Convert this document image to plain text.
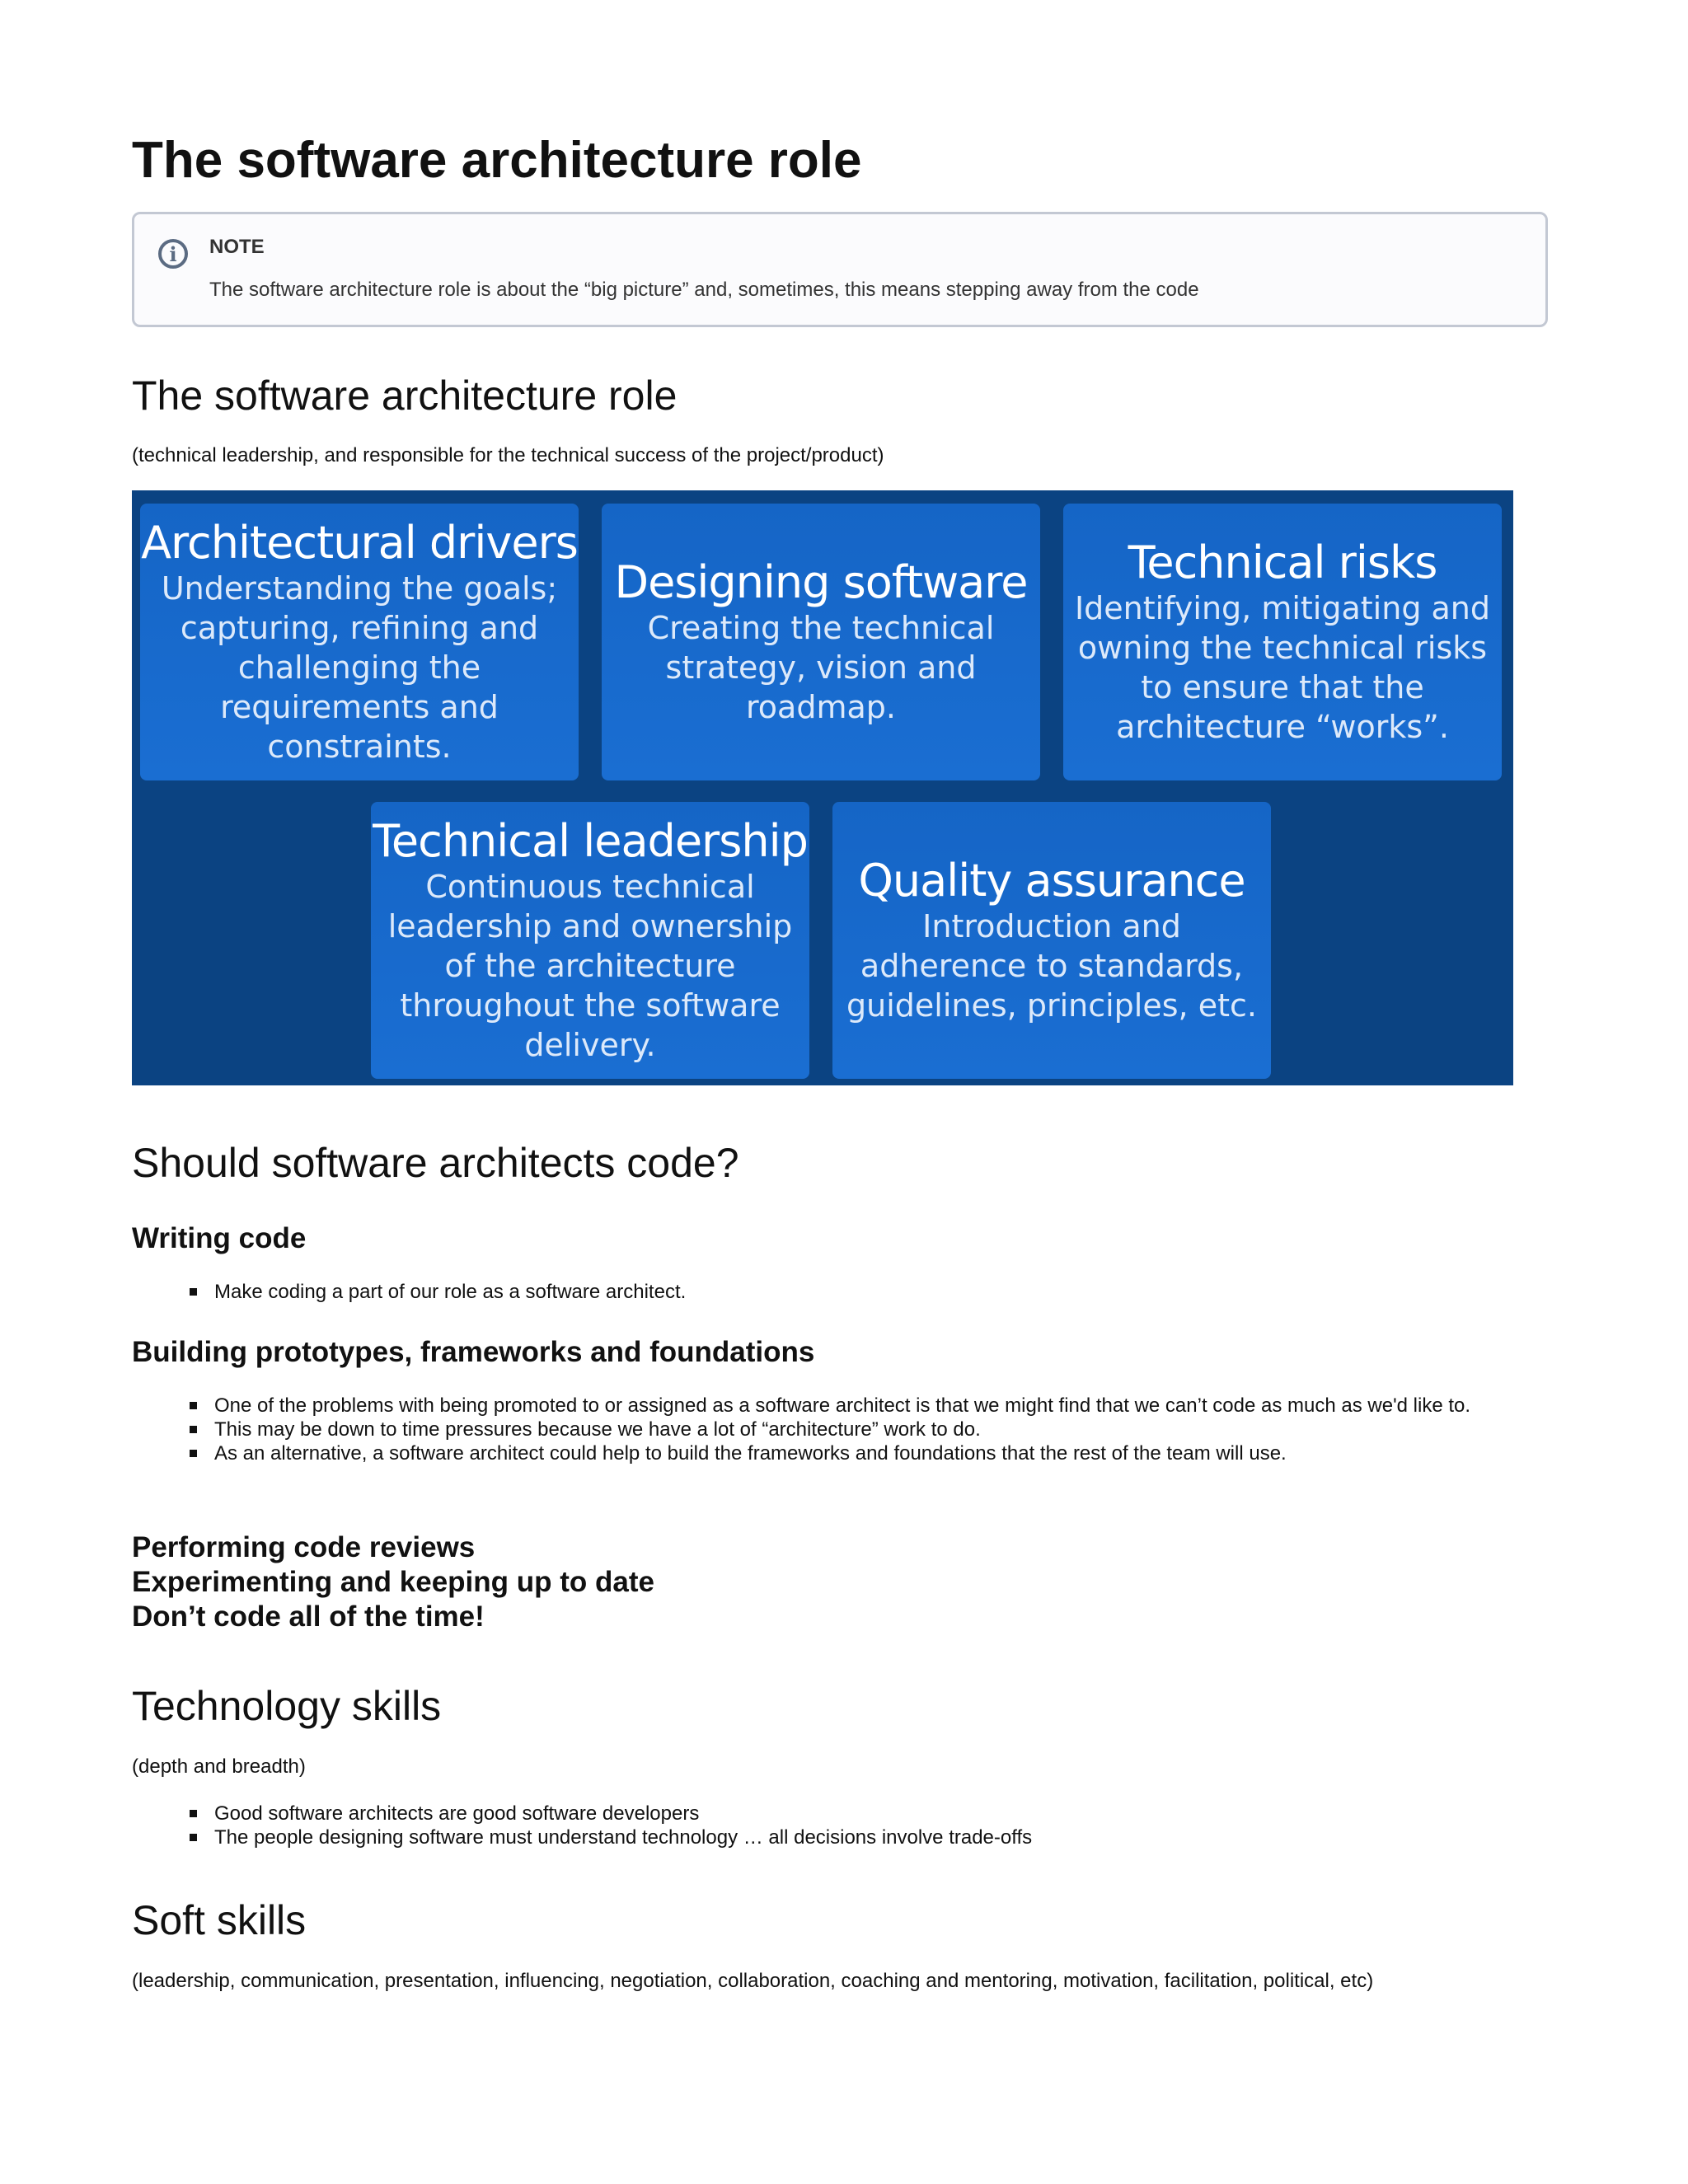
The software architecture role
i	NOTE
The software architecture role is about the “big picture” and, sometimes, this means stepping away from the code
The software architecture role
(technical leadership, and responsible for the technical success of the project/product)
Architectural drivers
Understanding the goals; capturing, refining and challenging the requirements and constraints.
Designing software
Creating the technical strategy, vision and roadmap.
Technical risks
Identifying, mitigating and owning the technical risks to ensure that the architecture “works”.
Technical leadership
Continuous technical leadership and ownership of the architecture throughout the software delivery.
Quality assurance
Introduction and adherence to standards, guidelines, principles, etc.
Should software architects code?
Writing code
Make coding a part of our role as a software architect.
Building prototypes, frameworks and foundations
One of the problems with being promoted to or assigned as a software architect is that we might find that we can’t code as much as we'd like to.
This may be down to time pressures because we have a lot of “architecture” work to do.
As an alternative, a software architect could help to build the frameworks and foundations that the rest of the team will use.
Performing code reviews
Experimenting and keeping up to date
Don’t code all of the time!
Technology skills
(depth and breadth)
Good software architects are good software developers
The people designing software must understand technology … all decisions involve trade-offs
Soft skills
(leadership, communication, presentation, influencing, negotiation, collaboration, coaching and mentoring, motivation, facilitation, political, etc)
